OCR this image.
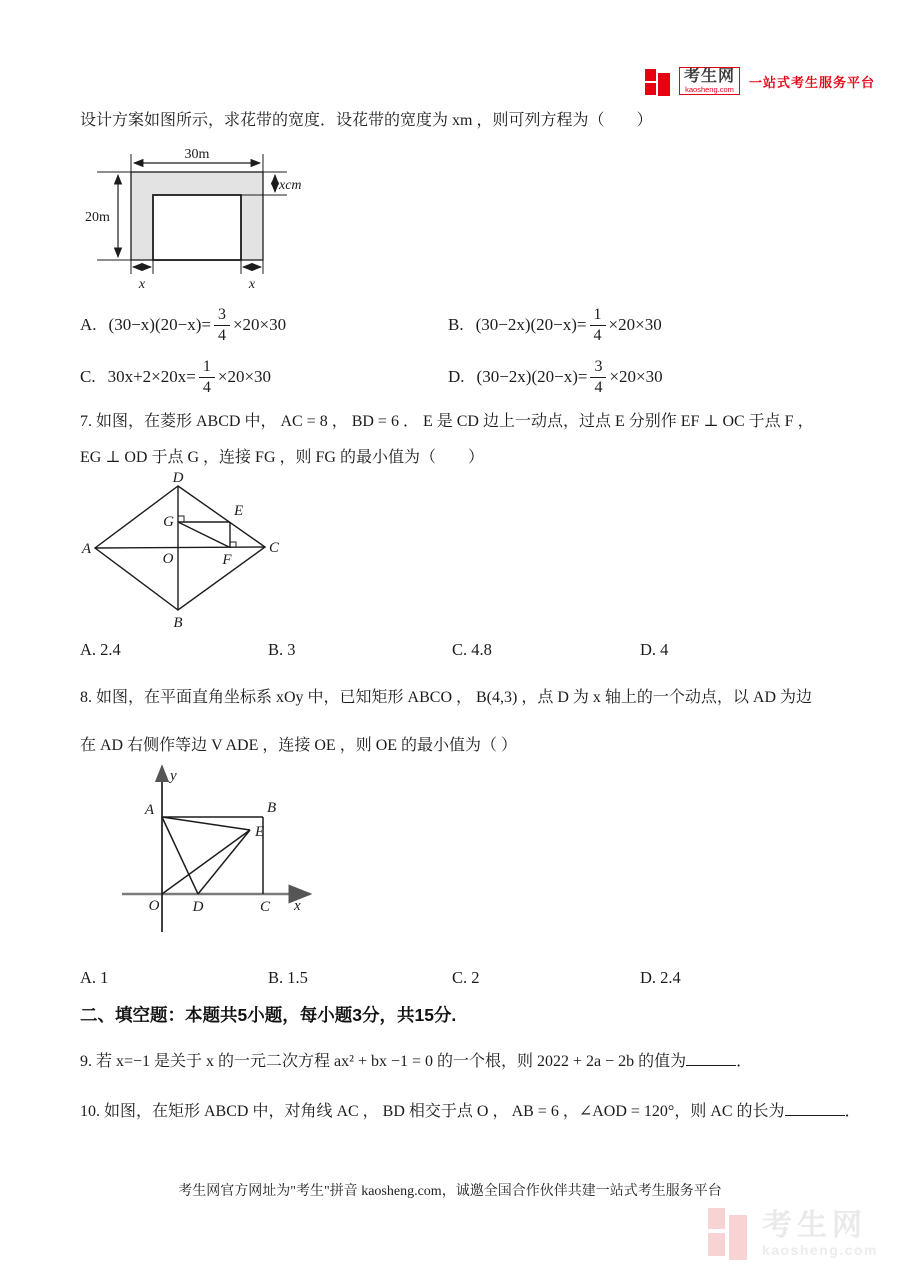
考生网
kaosheng.com 一站式考生服务平台
设计方案如图所示，求花带的宽度．设花带的宽度为 xm ，则可列方程为（　　）
30m
20m
xcm
x	x
A. $(30-x)(20-x)= \frac{3}{4} \times 20\times 30$	B. $(30-2x)(20-x)= \frac{1}{4} \times 20\times 30$
C. $30x+2\times 20x= \frac{1}{4} \times 20\times 30$	D. $(30-2x)(20-x)= \frac{3}{4} \times 20\times 30$
7. 如图，在菱形 ABCD 中， AC = 8 ， BD = 6 ． E 是 CD 边上一动点，过点 E 分别作 EF ⊥ OC 于点 F ，
EG ⊥ OD 于点 G ，连接 FG ，则 FG 的最小值为（　　）
D
A	C
B
O
G
E
F
A. 2.4	B. 3	C. 4.8	D. 4
8. 如图，在平面直角坐标系 xOy 中，已知矩形 ABCO ， B(4,3) ，点 D 为 x 轴上的一个动点，以 AD 为边
在 AD 右侧作等边 V ADE ，连接 OE ，则 OE 的最小值为（ ）
y
x
O
A	B
E
D	C
A. 1	B. 1.5	C. 2	D. 2.4
二、填空题：本题共5小题，每小题3分，共15分.
9. 若 x=−1 是关于 x 的一元二次方程 ax² + bx −1 = 0 的一个根，则 2022 + 2a − 2b 的值为	．
10. 如图，在矩形 ABCD 中，对角线 AC ， BD 相交于点 O ， AB = 6 ，∠AOD = 120°，则 AC 的长为	．
考生网官方网址为"考生"拼音 kaosheng.com，诚邀全国合作伙伴共建一站式考生服务平台
考生网
kaosheng.com
